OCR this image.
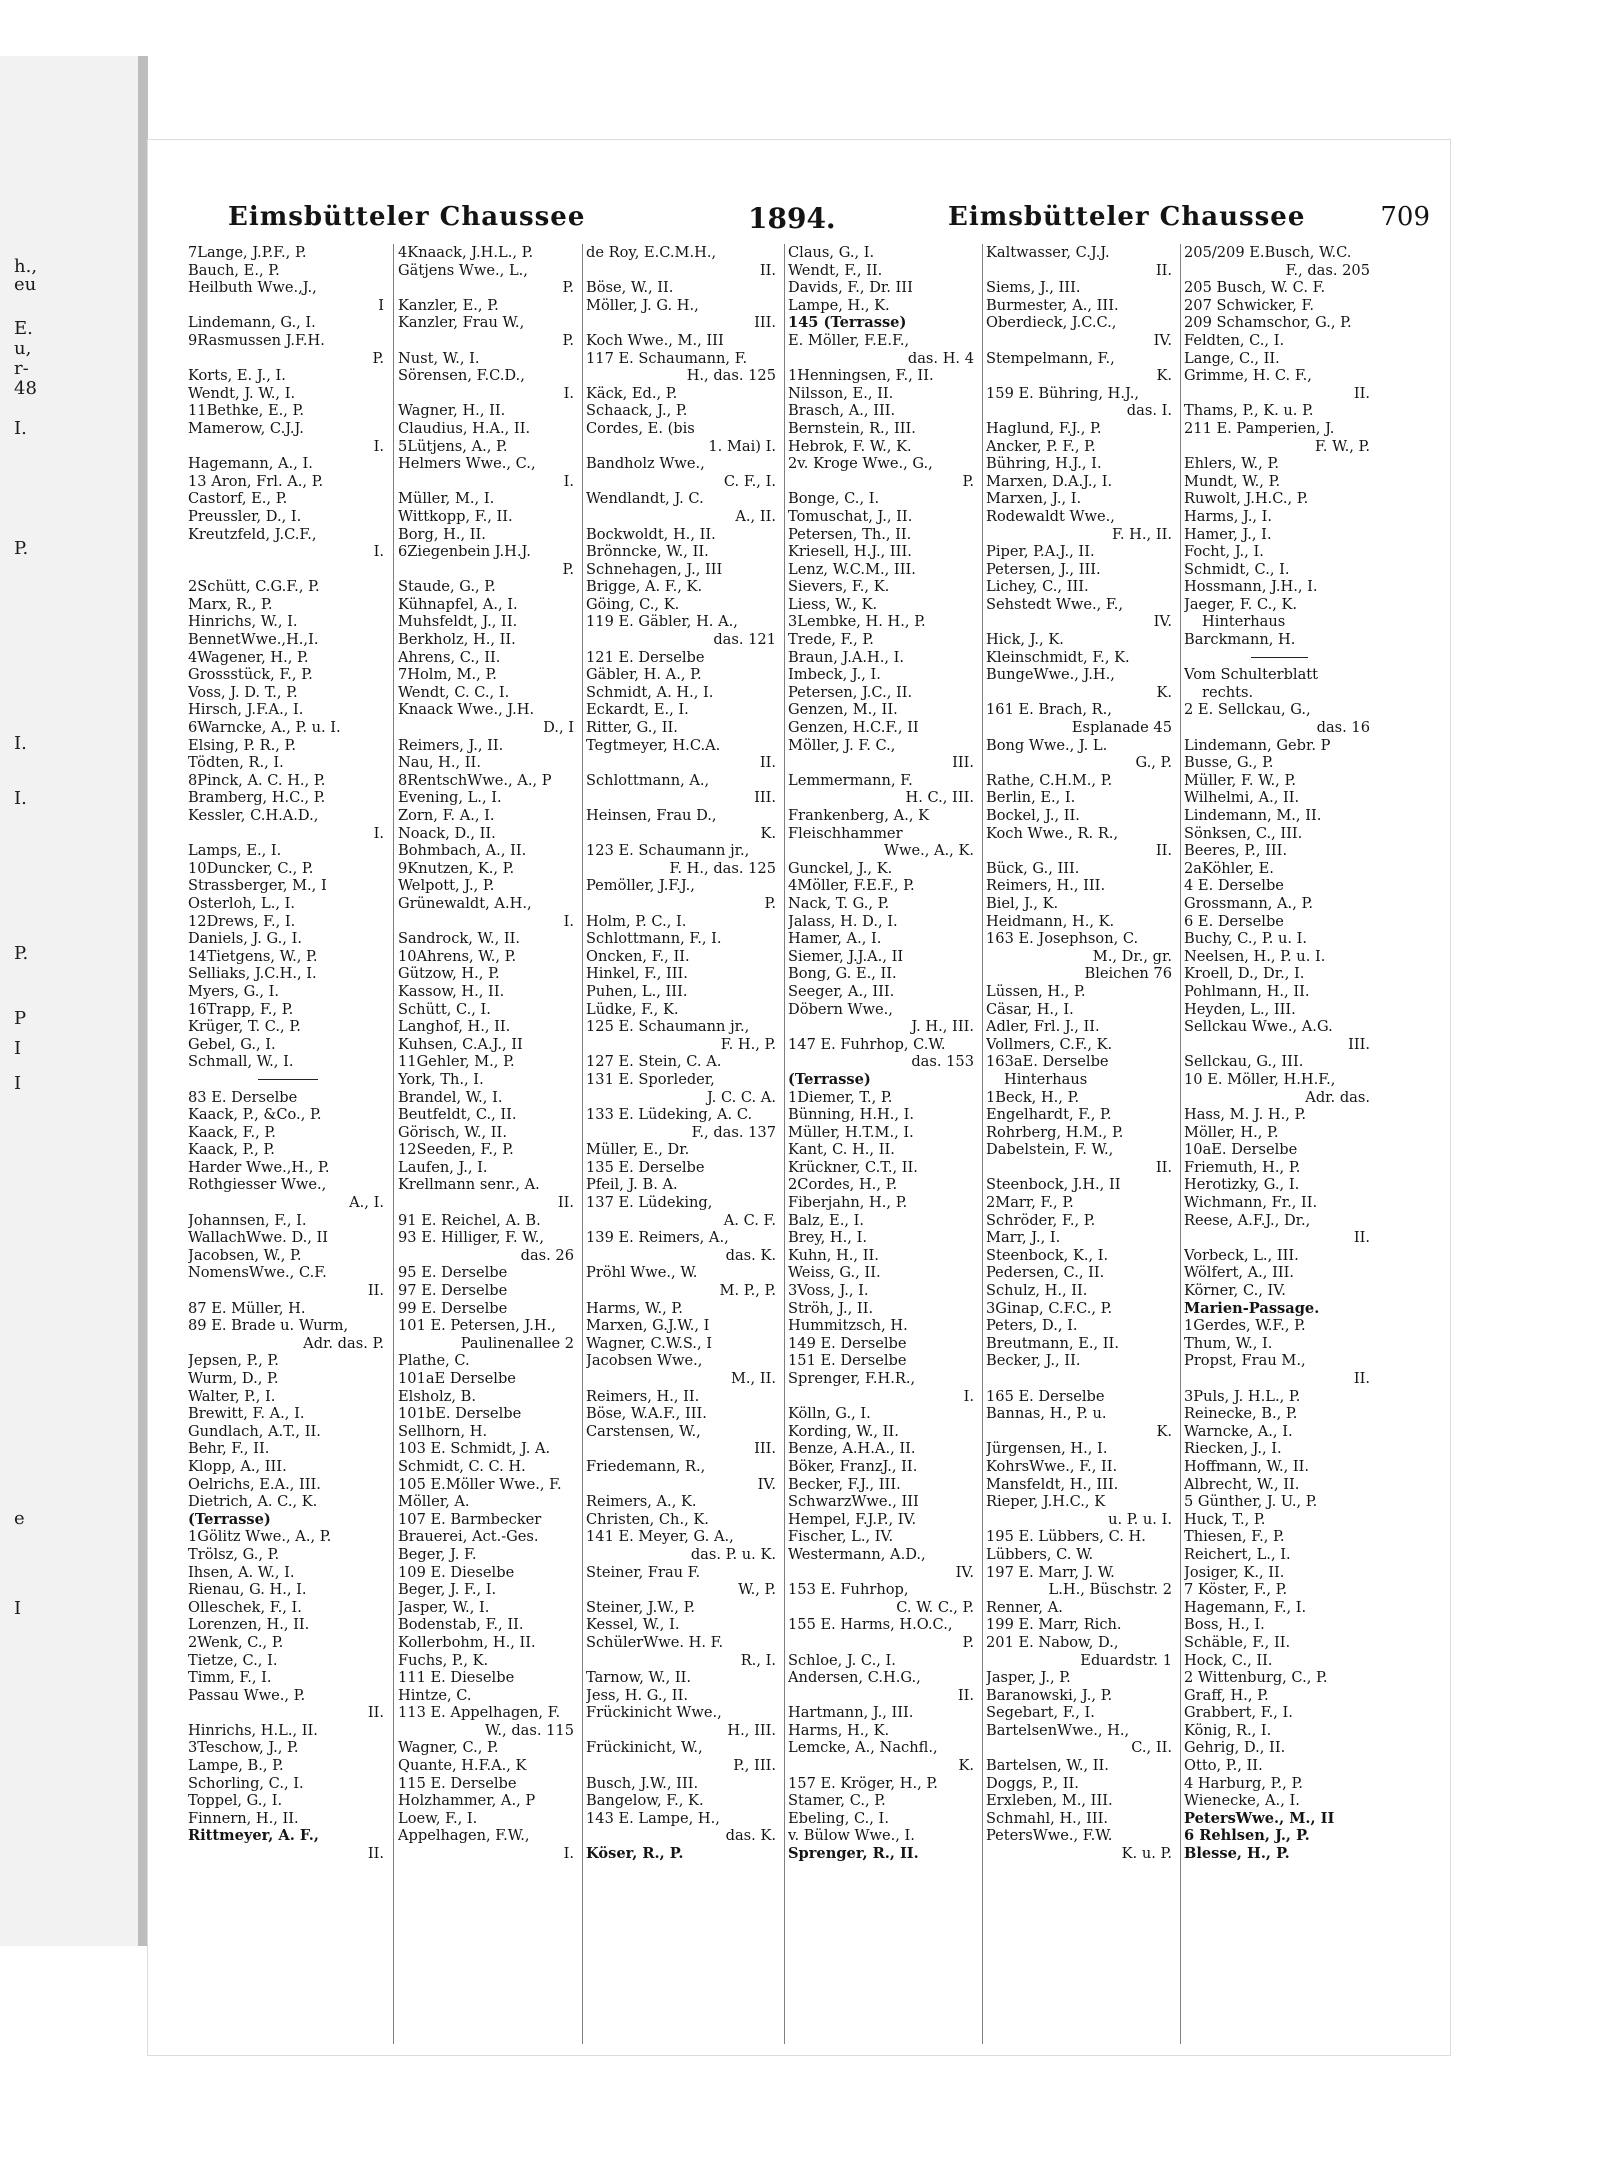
h.,
eu
E.
u,
r-
48
I.
P.
I.
I.
P.
P
I
I
e
I
Eimsbütteler Chaussee	1894.	Eimsbütteler Chaussee	709
7Lange, J.P.F., P.
Bauch, E., P.
Heilbuth Wwe.,J.,
I
Lindemann, G., I.
9Rasmussen J.F.H.
P.
Korts, E. J., I.
Wendt, J. W., I.
11Bethke, E., P.
Mamerow, C.J.J.
I.
Hagemann, A., I.
13 Aron, Frl. A., P.
Castorf, E., P.
Preussler, D., I.
Kreutzfeld, J.C.F.,
I.
2Schütt, C.G.F., P.
Marx, R., P.
Hinrichs, W., I.
BennetWwe.,H.,I.
4Wagener, H., P.
Grossstück, F., P.
Voss, J. D. T., P.
Hirsch, J.F.A., I.
6Warncke, A., P. u. I.
Elsing, P. R., P.
Tödten, R., I.
8Pinck, A. C. H., P.
Bramberg, H.C., P.
Kessler, C.H.A.D.,
I.
Lamps, E., I.
10Duncker, C., P.
Strassberger, M., I
Osterloh, L., I.
12Drews, F., I.
Daniels, J. G., I.
14Tietgens, W., P.
Selliaks, J.C.H., I.
Myers, G., I.
16Trapp, F., P.
Krüger, T. C., P.
Gebel, G., I.
Schmall, W., I.
83 E. Derselbe
Kaack, P., &Co., P.
Kaack, F., P.
Kaack, P., P.
Harder Wwe.,H., P.
Rothgiesser Wwe.,
A., I.
Johannsen, F., I.
WallachWwe. D., II
Jacobsen, W., P.
NomensWwe., C.F.
II.
87 E. Müller, H.
89 E. Brade u. Wurm,
Adr. das. P.
Jepsen, P., P.
Wurm, D., P.
Walter, P., I.
Brewitt, F. A., I.
Gundlach, A.T., II.
Behr, F., II.
Klopp, A., III.
Oelrichs, E.A., III.
Dietrich, A. C., K.
(Terrasse)
1Gölitz Wwe., A., P.
Trölsz, G., P.
Ihsen, A. W., I.
Rienau, G. H., I.
Olleschek, F., I.
Lorenzen, H., II.
2Wenk, C., P.
Tietze, C., I.
Timm, F., I.
Passau Wwe., P.
II.
Hinrichs, H.L., II.
3Teschow, J., P.
Lampe, B., P.
Schorling, C., I.
Toppel, G., I.
Finnern, H., II.
Rittmeyer, A. F.,
II.
4Knaack, J.H.L., P.
Gätjens Wwe., L.,
P.
Kanzler, E., P.
Kanzler, Frau W.,
P.
Nust, W., I.
Sörensen, F.C.D.,
I.
Wagner, H., II.
Claudius, H.A., II.
5Lütjens, A., P.
Helmers Wwe., C.,
I.
Müller, M., I.
Wittkopp, F., II.
Borg, H., II.
6Ziegenbein J.H.J.
P.
Staude, G., P.
Kühnapfel, A., I.
Muhsfeldt, J., II.
Berkholz, H., II.
Ahrens, C., II.
7Holm, M., P.
Wendt, C. C., I.
Knaack Wwe., J.H.
D., I
Reimers, J., II.
Nau, H., II.
8RentschWwe., A., P
Evening, L., I.
Zorn, F. A., I.
Noack, D., II.
Bohmbach, A., II.
9Knutzen, K., P.
Welpott, J., P.
Grünewaldt, A.H.,
I.
Sandrock, W., II.
10Ahrens, W., P.
Gützow, H., P.
Kassow, H., II.
Schütt, C., I.
Langhof, H., II.
Kuhsen, C.A.J., II
11Gehler, M., P.
York, Th., I.
Brandel, W., I.
Beutfeldt, C., II.
Görisch, W., II.
12Seeden, F., P.
Laufen, J., I.
Krellmann senr., A.
II.
91 E. Reichel, A. B.
93 E. Hilliger, F. W.,
das. 26
95 E. Derselbe
97 E. Derselbe
99 E. Derselbe
101 E. Petersen, J.H.,
Paulinenallee 2
Plathe, C.
101aE Derselbe
Elsholz, B.
101bE. Derselbe
Sellhorn, H.
103 E. Schmidt, J. A.
Schmidt, C. C. H.
105 E.Möller Wwe., F.
Möller, A.
107 E. Barmbecker
Brauerei, Act.-Ges.
Beger, J. F.
109 E. Dieselbe
Beger, J. F., I.
Jasper, W., I.
Bodenstab, F., II.
Kollerbohm, H., II.
Fuchs, P., K.
111 E. Dieselbe
Hintze, C.
113 E. Appelhagen, F.
W., das. 115
Wagner, C., P.
Quante, H.F.A., K
115 E. Derselbe
Holzhammer, A., P
Loew, F., I.
Appelhagen, F.W.,
I.
de Roy, E.C.M.H.,
II.
Böse, W., II.
Möller, J. G. H.,
III.
Koch Wwe., M., III
117 E. Schaumann, F.
H., das. 125
Käck, Ed., P.
Schaack, J., P.
Cordes, E. (bis
1. Mai) I.
Bandholz Wwe.,
C. F., I.
Wendlandt, J. C.
A., II.
Bockwoldt, H., II.
Brönncke, W., II.
Schnehagen, J., III
Brigge, A. F., K.
Göing, C., K.
119 E. Gäbler, H. A.,
das. 121
121 E. Derselbe
Gäbler, H. A., P.
Schmidt, A. H., I.
Eckardt, E., I.
Ritter, G., II.
Tegtmeyer, H.C.A.
II.
Schlottmann, A.,
III.
Heinsen, Frau D.,
K.
123 E. Schaumann jr.,
F. H., das. 125
Pemöller, J.F.J.,
P.
Holm, P. C., I.
Schlottmann, F., I.
Oncken, F., II.
Hinkel, F., III.
Puhen, L., III.
Lüdke, F., K.
125 E. Schaumann jr.,
F. H., P.
127 E. Stein, C. A.
131 E. Sporleder,
J. C. C. A.
133 E. Lüdeking, A. C.
F., das. 137
Müller, E., Dr.
135 E. Derselbe
Pfeil, J. B. A.
137 E. Lüdeking,
A. C. F.
139 E. Reimers, A.,
das. K.
Pröhl Wwe., W.
M. P., P.
Harms, W., P.
Marxen, G.J.W., I
Wagner, C.W.S., I
Jacobsen Wwe.,
M., II.
Reimers, H., II.
Böse, W.A.F., III.
Carstensen, W.,
III.
Friedemann, R.,
IV.
Reimers, A., K.
Christen, Ch., K.
141 E. Meyer, G. A.,
das. P. u. K.
Steiner, Frau F.
W., P.
Steiner, J.W., P.
Kessel, W., I.
SchülerWwe. H. F.
R., I.
Tarnow, W., II.
Jess, H. G., II.
Frückinicht Wwe.,
H., III.
Frückinicht, W.,
P., III.
Busch, J.W., III.
Bangelow, F., K.
143 E. Lampe, H.,
das. K.
Köser, R., P.
Claus, G., I.
Wendt, F., II.
Davids, F., Dr. III
Lampe, H., K.
145 (Terrasse)
E. Möller, F.E.F.,
das. H. 4
1Henningsen, F., II.
Nilsson, E., II.
Brasch, A., III.
Bernstein, R., III.
Hebrok, F. W., K.
2v. Kroge Wwe., G.,
P.
Bonge, C., I.
Tomuschat, J., II.
Petersen, Th., II.
Kriesell, H.J., III.
Lenz, W.C.M., III.
Sievers, F., K.
Liess, W., K.
3Lembke, H. H., P.
Trede, F., P.
Braun, J.A.H., I.
Imbeck, J., I.
Petersen, J.C., II.
Genzen, M., II.
Genzen, H.C.F., II
Möller, J. F. C.,
III.
Lemmermann, F.
H. C., III.
Frankenberg, A., K
Fleischhammer
Wwe., A., K.
Gunckel, J., K.
4Möller, F.E.F., P.
Nack, T. G., P.
Jalass, H. D., I.
Hamer, A., I.
Siemer, J.J.A., II
Bong, G. E., II.
Seeger, A., III.
Döbern Wwe.,
J. H., III.
147 E. Fuhrhop, C.W.
das. 153
(Terrasse)
1Diemer, T., P.
Bünning, H.H., I.
Müller, H.T.M., I.
Kant, C. H., II.
Krückner, C.T., II.
2Cordes, H., P.
Fiberjahn, H., P.
Balz, E., I.
Brey, H., I.
Kuhn, H., II.
Weiss, G., II.
3Voss, J., I.
Ströh, J., II.
Hummitzsch, H.
149 E. Derselbe
151 E. Derselbe
Sprenger, F.H.R.,
I.
Kölln, G., I.
Kording, W., II.
Benze, A.H.A., II.
Böker, FranzJ., II.
Becker, F.J., III.
SchwarzWwe., III
Hempel, F.J.P., IV.
Fischer, L., IV.
Westermann, A.D.,
IV.
153 E. Fuhrhop,
C. W. C., P.
155 E. Harms, H.O.C.,
P.
Schloe, J. C., I.
Andersen, C.H.G.,
II.
Hartmann, J., III.
Harms, H., K.
Lemcke, A., Nachfl.,
K.
157 E. Kröger, H., P.
Stamer, C., P.
Ebeling, C., I.
v. Bülow Wwe., I.
Sprenger, R., II.
Kaltwasser, C.J.J.
II.
Siems, J., III.
Burmester, A., III.
Oberdieck, J.C.C.,
IV.
Stempelmann, F.,
K.
159 E. Bühring, H.J.,
das. I.
Haglund, F.J., P.
Ancker, P. F., P.
Bühring, H.J., I.
Marxen, D.A.J., I.
Marxen, J., I.
Rodewaldt Wwe.,
F. H., II.
Piper, P.A.J., II.
Petersen, J., III.
Lichey, C., III.
Sehstedt Wwe., F.,
IV.
Hick, J., K.
Kleinschmidt, F., K.
BungeWwe., J.H.,
K.
161 E. Brach, R.,
Esplanade 45
Bong Wwe., J. L.
G., P.
Rathe, C.H.M., P.
Berlin, E., I.
Bockel, J., II.
Koch Wwe., R. R.,
II.
Bück, G., III.
Reimers, H., III.
Biel, J., K.
Heidmann, H., K.
163 E. Josephson, C.
M., Dr., gr.
Bleichen 76
Lüssen, H., P.
Cäsar, H., I.
Adler, Frl. J., II.
Vollmers, C.F., K.
163aE. Derselbe
Hinterhaus
1Beck, H., P.
Engelhardt, F., P.
Rohrberg, H.M., P.
Dabelstein, F. W.,
II.
Steenbock, J.H., II
2Marr, F., P.
Schröder, F., P.
Marr, J., I.
Steenbock, K., I.
Pedersen, C., II.
Schulz, H., II.
3Ginap, C.F.C., P.
Peters, D., I.
Breutmann, E., II.
Becker, J., II.
165 E. Derselbe
Bannas, H., P. u.
K.
Jürgensen, H., I.
KohrsWwe., F., II.
Mansfeldt, H., III.
Rieper, J.H.C., K
u. P. u. I.
195 E. Lübbers, C. H.
Lübbers, C. W.
197 E. Marr, J. W.
L.H., Büschstr. 2
Renner, A.
199 E. Marr, Rich.
201 E. Nabow, D.,
Eduardstr. 1
Jasper, J., P.
Baranowski, J., P.
Segebart, F., I.
BartelsenWwe., H.,
C., II.
Bartelsen, W., II.
Doggs, P., II.
Erxleben, M., III.
Schmahl, H., III.
PetersWwe., F.W.
K. u. P.
205/209 E.Busch, W.C.
F., das. 205
205 Busch, W. C. F.
207 Schwicker, F.
209 Schamschor, G., P.
Feldten, C., I.
Lange, C., II.
Grimme, H. C. F.,
II.
Thams, P., K. u. P.
211 E. Pamperien, J.
F. W., P.
Ehlers, W., P.
Mundt, W., P.
Ruwolt, J.H.C., P.
Harms, J., I.
Hamer, J., I.
Focht, J., I.
Schmidt, C., I.
Hossmann, J.H., I.
Jaeger, F. C., K.
Hinterhaus
Barckmann, H.
Vom Schulterblatt
rechts.
2 E. Sellckau, G.,
das. 16
Lindemann, Gebr. P
Busse, G., P.
Müller, F. W., P.
Wilhelmi, A., II.
Lindemann, M., II.
Sönksen, C., III.
Beeres, P., III.
2aKöhler, E.
4 E. Derselbe
Grossmann, A., P.
6 E. Derselbe
Buchy, C., P. u. I.
Neelsen, H., P. u. I.
Kroell, D., Dr., I.
Pohlmann, H., II.
Heyden, L., III.
Sellckau Wwe., A.G.
III.
Sellckau, G., III.
10 E. Möller, H.H.F.,
Adr. das.
Hass, M. J. H., P.
Möller, H., P.
10aE. Derselbe
Friemuth, H., P.
Herotizky, G., I.
Wichmann, Fr., II.
Reese, A.F.J., Dr.,
II.
Vorbeck, L., III.
Wölfert, A., III.
Körner, C., IV.
Marien-Passage.
1Gerdes, W.F., P.
Thum, W., I.
Propst, Frau M.,
II.
3Puls, J. H.L., P.
Reinecke, B., P.
Warncke, A., I.
Riecken, J., I.
Hoffmann, W., II.
Albrecht, W., II.
5 Günther, J. U., P.
Huck, T., P.
Thiesen, F., P.
Reichert, L., I.
Josiger, K., II.
7 Köster, F., P.
Hagemann, F., I.
Boss, H., I.
Schäble, F., II.
Hock, C., II.
2 Wittenburg, C., P.
Graff, H., P.
Grabbert, F., I.
König, R., I.
Gehrig, D., II.
Otto, P., II.
4 Harburg, P., P.
Wienecke, A., I.
PetersWwe., M., II
6 Rehlsen, J., P.
Blesse, H., P.
